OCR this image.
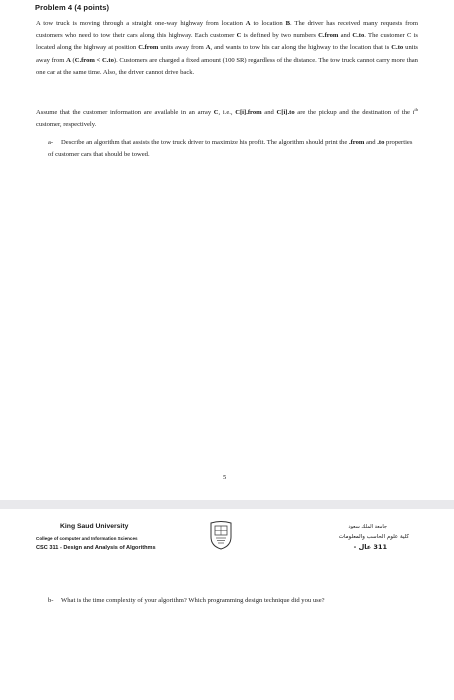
Problem 4 (4 points)
A tow truck is moving through a straight one-way highway from location A to location B. The driver has received many requests from customers who need to tow their cars along this highway. Each customer C is defined by two numbers C.from and C.to. The customer C is located along the highway at position C.from units away from A, and wants to tow his car along the highway to the location that is C.to units away from A (C.from < C.to). Customers are charged a fixed amount (100 SR) regardless of the distance. The tow truck cannot carry more than one car at the same time. Also, the driver cannot drive back.
Assume that the customer information are available in an array C, i.e., C[i].from and C[i].to are the pickup and the destination of the $i^{th}$ customer, respectively.
a- Describe an algorithm that assists the tow truck driver to maximize his profit. The algorithm should print the .from and .to properties of customer cars that should be towed.
5
King Saud University
College of computer and Information Sciences
CSC 311 - Design and Analysis of Algorithms
جامعة الملك سعود
كلية علوم الحاسب والمعلومات
311 عال -
b- What is the time complexity of your algorithm? Which programming design technique did you use?
